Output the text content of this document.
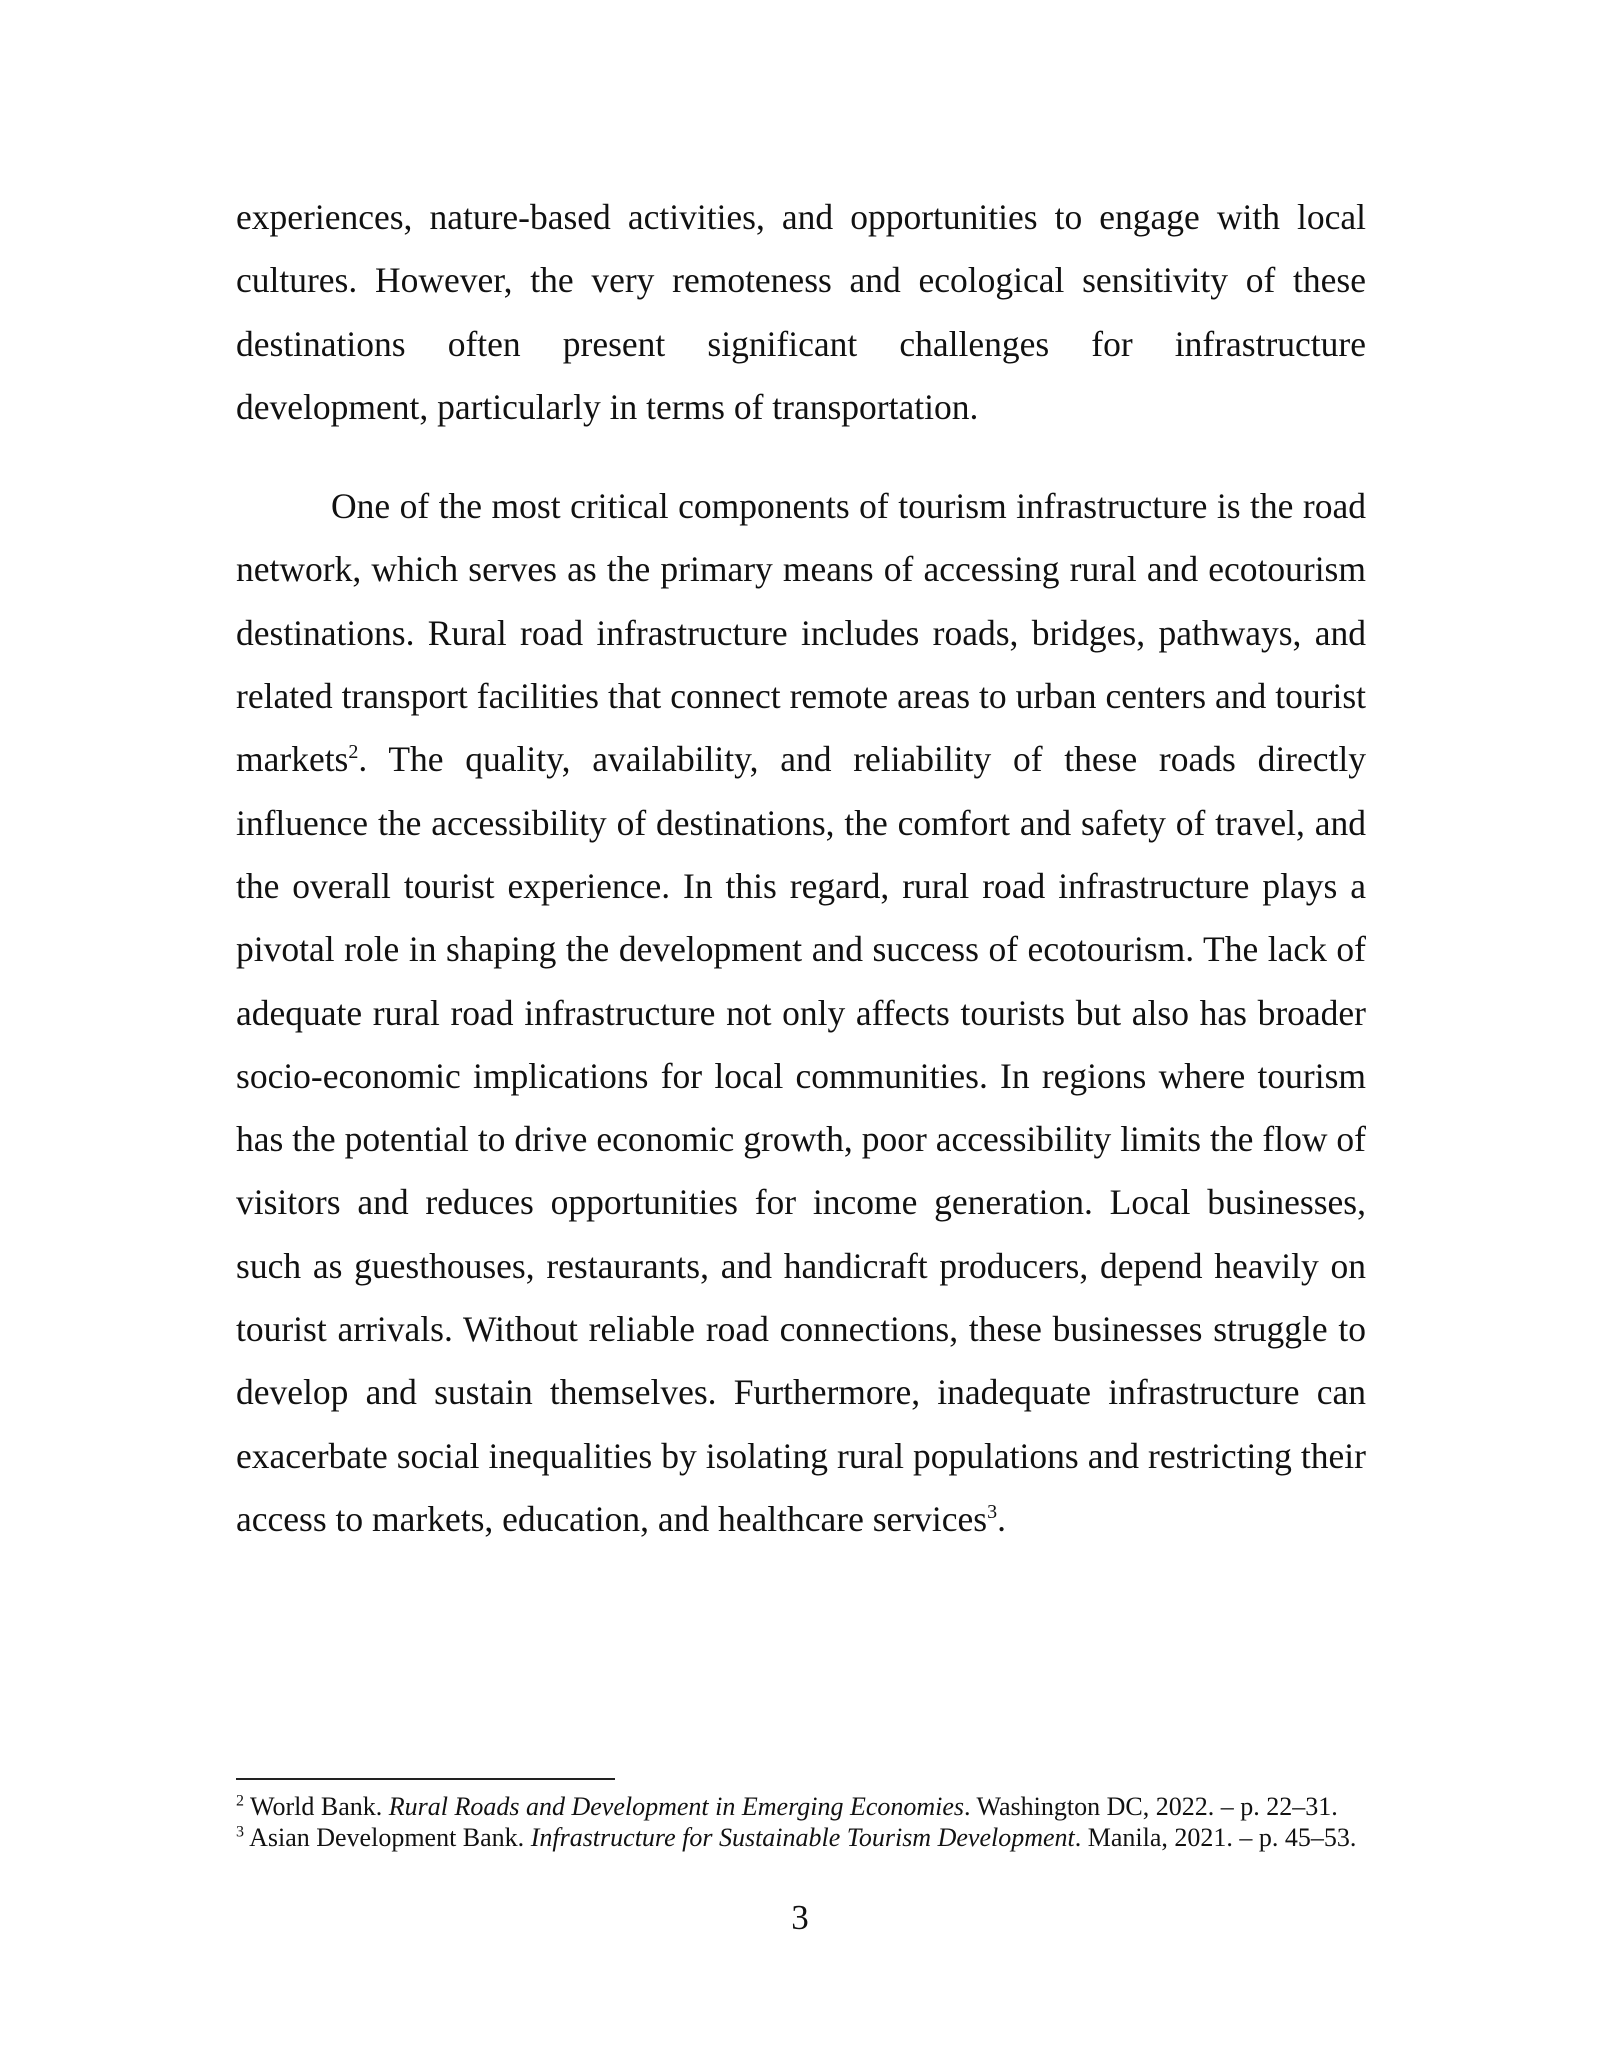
experiences, nature-based activities, and opportunities to engage with local cultures. However, the very remoteness and ecological sensitivity of these destinations often present significant challenges for infrastructure development, particularly in terms of transportation.

One of the most critical components of tourism infrastructure is the road network, which serves as the primary means of accessing rural and ecotourism destinations. Rural road infrastructure includes roads, bridges, pathways, and related transport facilities that connect remote areas to urban centers and tourist markets$^2$. The quality, availability, and reliability of these roads directly influence the accessibility of destinations, the comfort and safety of travel, and the overall tourist experience. In this regard, rural road infrastructure plays a pivotal role in shaping the development and success of ecotourism. The lack of adequate rural road infrastructure not only affects tourists but also has broader socio-economic implications for local communities. In regions where tourism has the potential to drive economic growth, poor accessibility limits the flow of visitors and reduces opportunities for income generation. Local businesses, such as guesthouses, restaurants, and handicraft producers, depend heavily on tourist arrivals. Without reliable road connections, these businesses struggle to develop and sustain themselves. Furthermore, inadequate infrastructure can exacerbate social inequalities by isolating rural populations and restricting their access to markets, education, and healthcare services$^3$.

$^2$ World Bank. Rural Roads and Development in Emerging Economies. Washington DC, 2022. – p. 22–31.

$^3$ Asian Development Bank. Infrastructure for Sustainable Tourism Development. Manila, 2021. – p. 45–53.

3
